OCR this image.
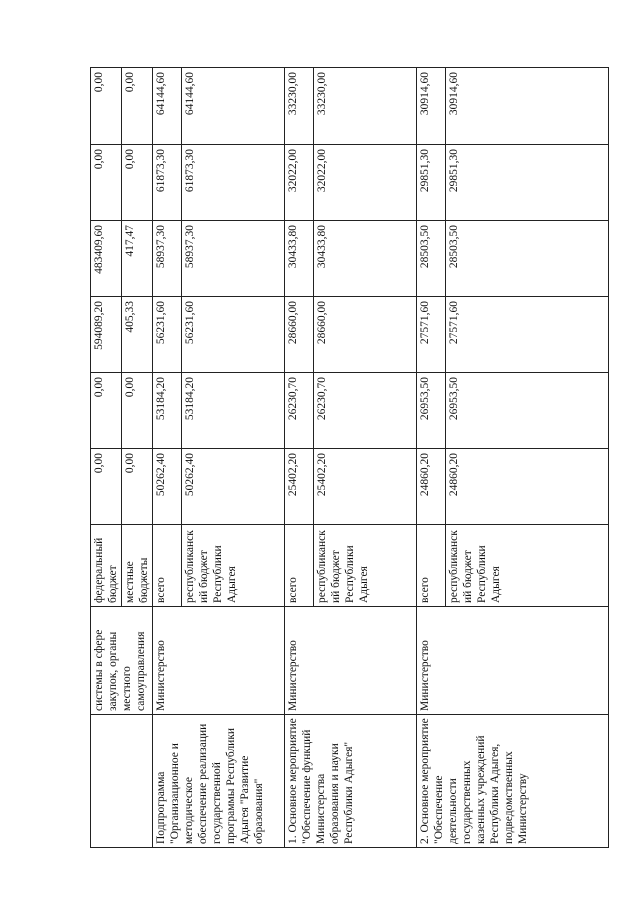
	системы в сфере закупок, органы местного самоуправления	федеральный бюджет	0,00	0,00	594089,20	483409,60	0,00	0,00
		местные бюджеты	0,00	0,00	405,33	417,47	0,00	0,00
Подпрограмма "Организационное и методическое обеспечение реализации государственной программы Республики Адыгея "Развитие образования"	Министерство	всего	50262,40	53184,20	56231,60	58937,30	61873,30	64144,60
		республиканский бюджет Республики Адыгея	50262,40	53184,20	56231,60	58937,30	61873,30	64144,60
1. Основное мероприятие "Обеспечение функций Министерства образования и науки Республики Адыгея"	Министерство	всего	25402,20	26230,70	28660,00	30433,80	32022,00	33230,00
		республиканский бюджет Республики Адыгея	25402,20	26230,70	28660,00	30433,80	32022,00	33230,00
2. Основное мероприятие "Обеспечение деятельности государственных казенных учреждений Республики Адыгея, подведомственных Министерству	Министерство	всего	24860,20	26953,50	27571,60	28503,50	29851,30	30914,60
		республиканский бюджет Республики Адыгея	24860,20	26953,50	27571,60	28503,50	29851,30	30914,60
